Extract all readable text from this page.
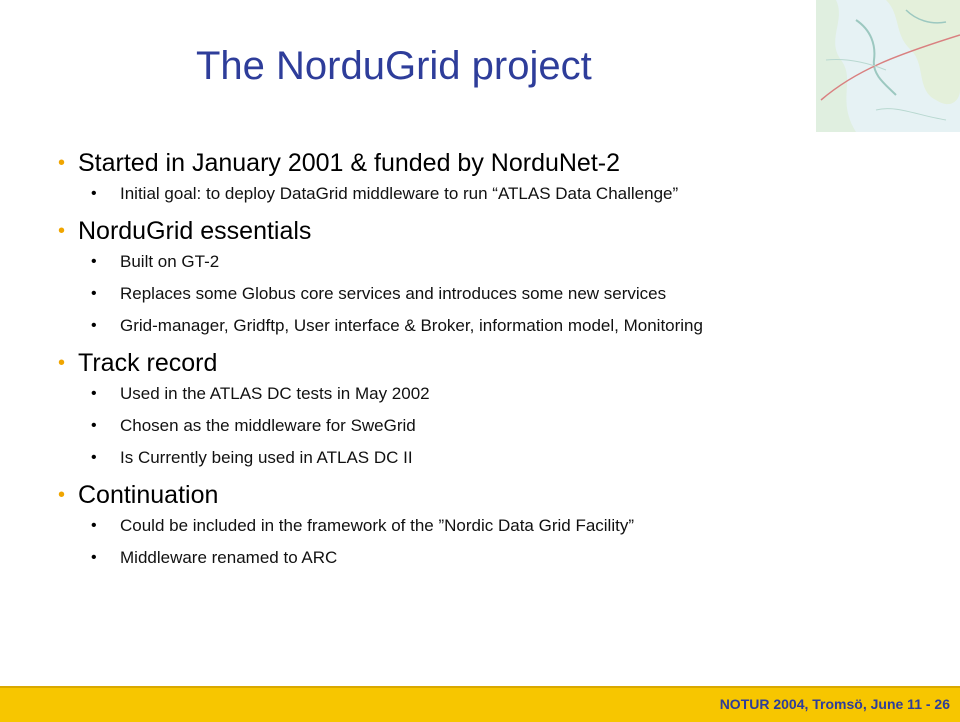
The NorduGrid project
• Started in January 2001 & funded by NorduNet-2
• Initial goal: to deploy DataGrid middleware to run “ATLAS Data Challenge”
• NorduGrid essentials
• Built on GT-2
• Replaces some Globus core services and introduces some new services
• Grid-manager, Gridftp, User interface & Broker, information model, Monitoring
• Track record
• Used in the ATLAS DC tests in May 2002
• Chosen as the middleware for SweGrid
• Is Currently being used in ATLAS DC II
• Continuation
• Could be included in the framework of the ”Nordic Data Grid Facility”
• Middleware renamed to ARC
NOTUR 2004, Tromsö, June 11 - 26
